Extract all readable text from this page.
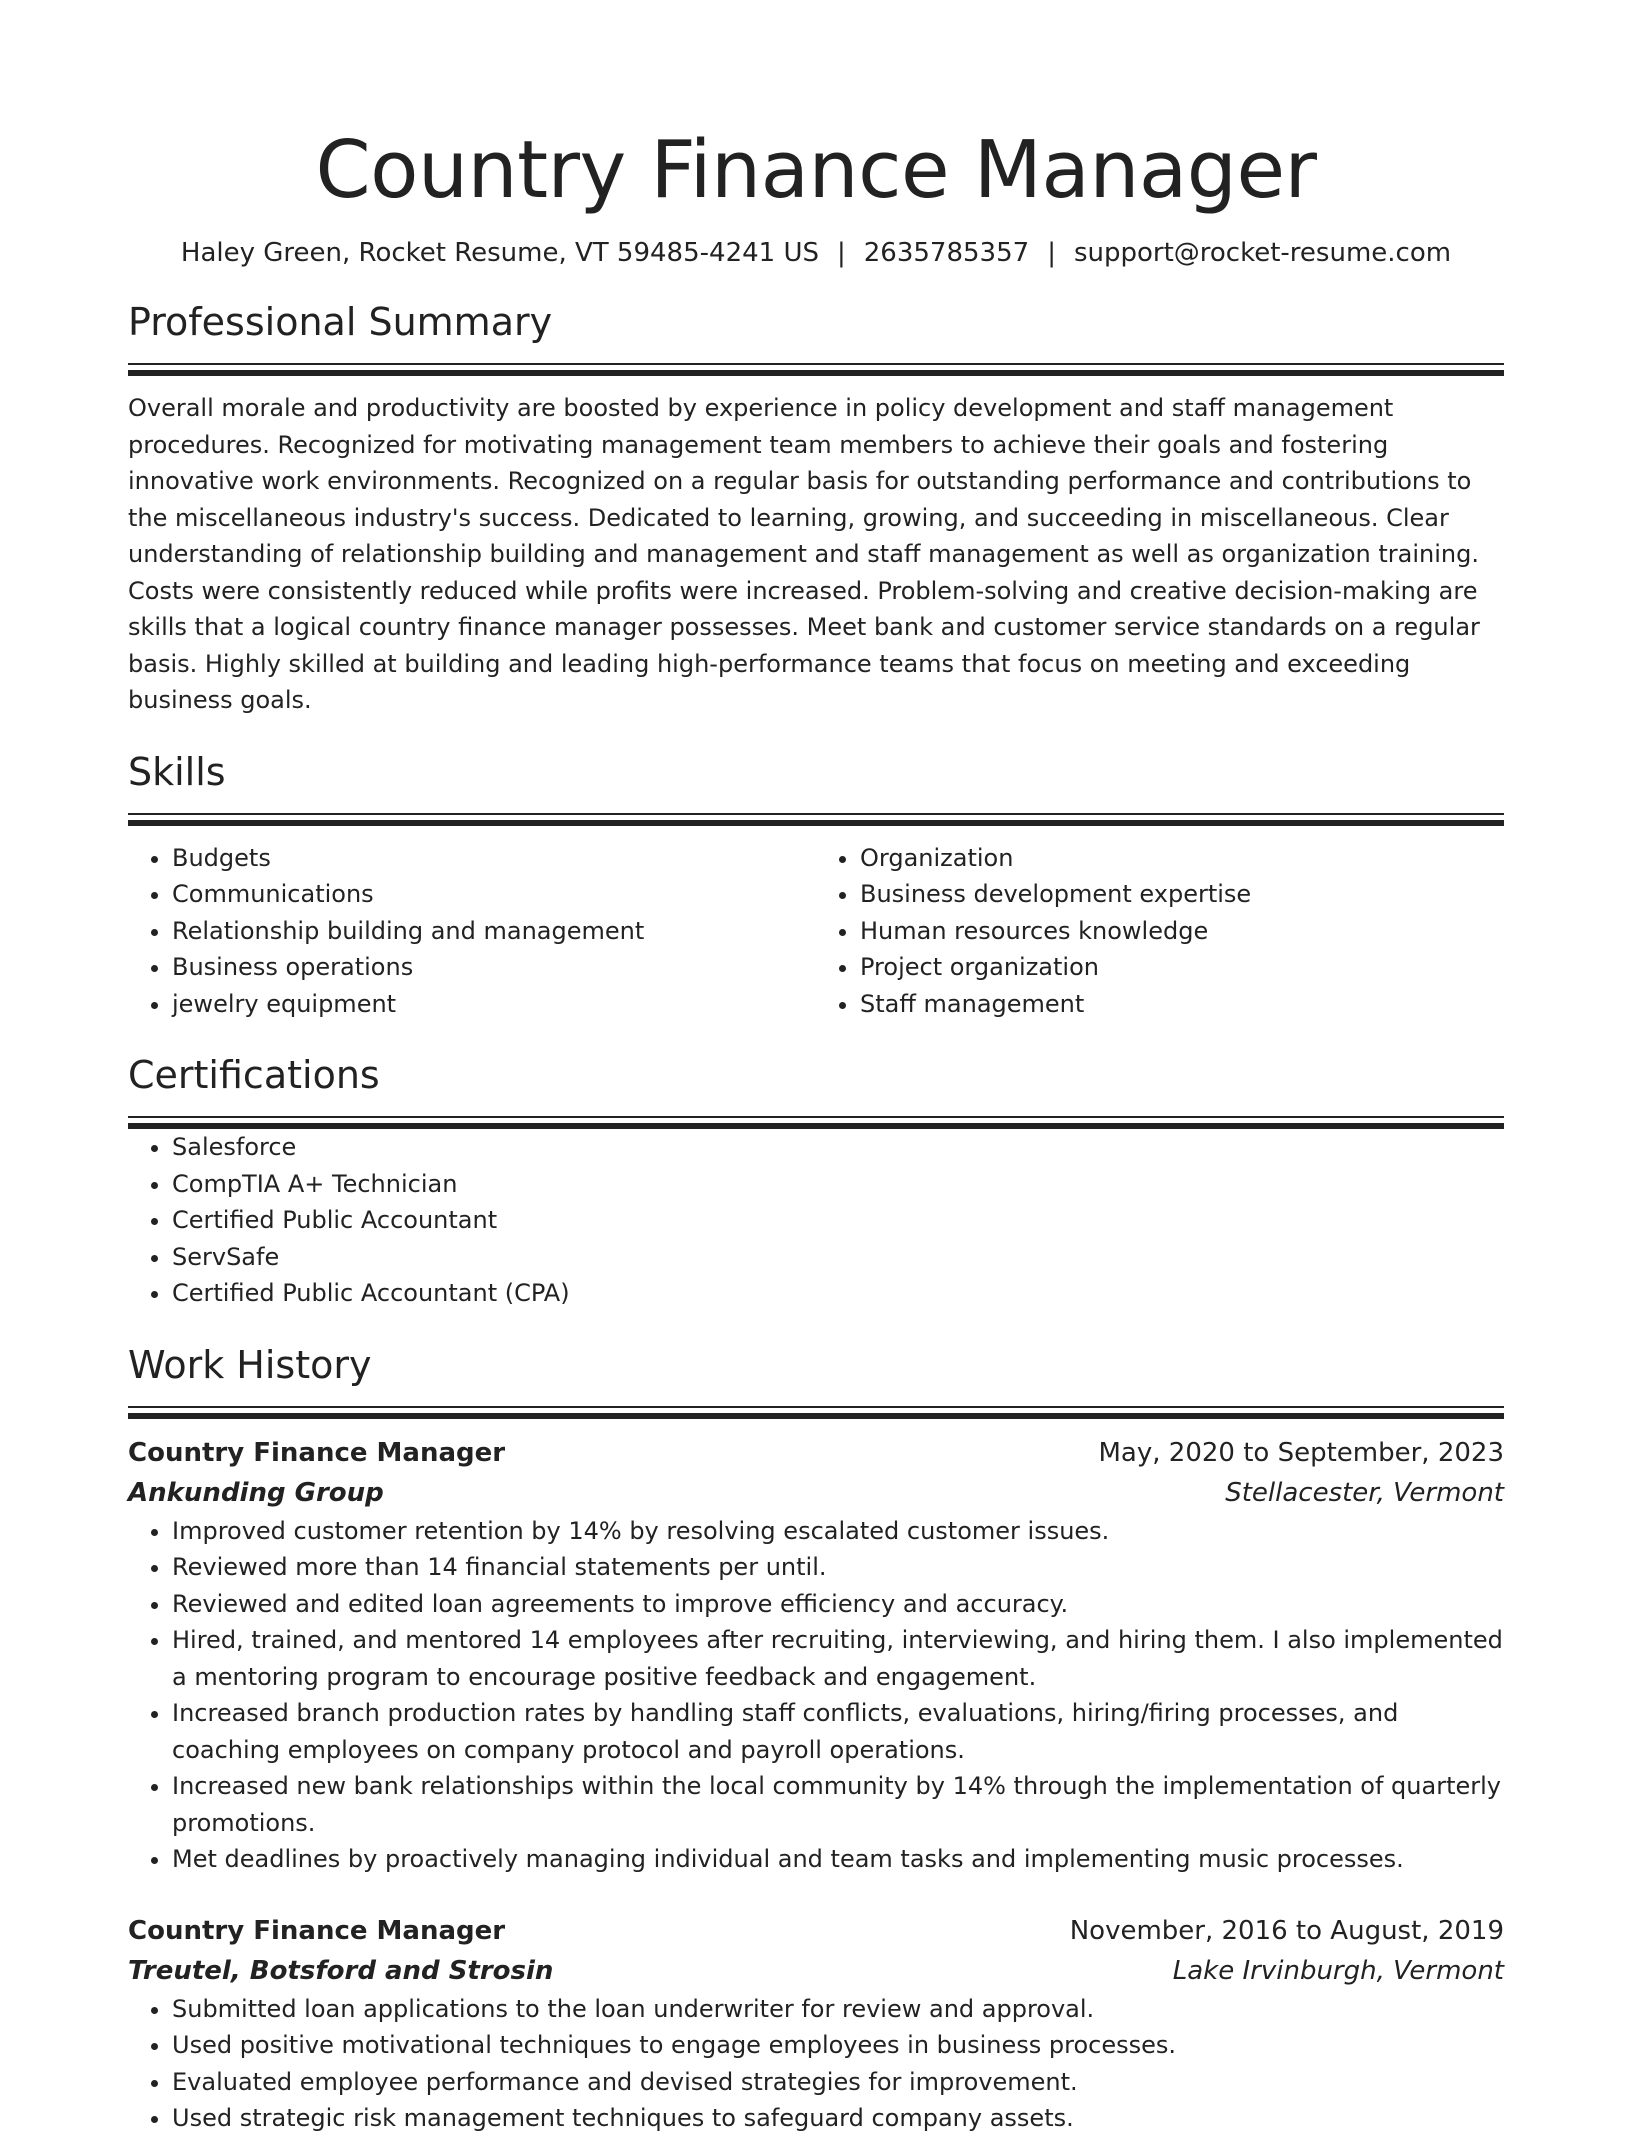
Country Finance Manager
Haley Green, Rocket Resume, VT 59485-4241 US | 2635785357 | support@rocket-resume.com
Professional Summary

Overall morale and productivity are boosted by experience in policy development and staff management procedures. Recognized for motivating management team members to achieve their goals and fostering innovative work environments. Recognized on a regular basis for outstanding performance and contributions to the miscellaneous industry's success. Dedicated to learning, growing, and succeeding in miscellaneous. Clear understanding of relationship building and management and staff management as well as organization training. Costs were consistently reduced while profits were increased. Problem-solving and creative decision-making are skills that a logical country finance manager possesses. Meet bank and customer service standards on a regular basis. Highly skilled at building and leading high-performance teams that focus on meeting and exceeding business goals.

Skills
• Budgets
• Communications
• Relationship building and management
• Business operations
• jewelry equipment
• Organization
• Business development expertise
• Human resources knowledge
• Project organization
• Staff management
Certifications
• Salesforce
• CompTIA A+ Technician
• Certified Public Accountant
• ServSafe
• Certified Public Accountant (CPA)
Work History
Country Finance Manager	May, 2020 to September, 2023
Ankunding Group	Stellacester, Vermont
• Improved customer retention by 14% by resolving escalated customer issues.
• Reviewed more than 14 financial statements per until.
• Reviewed and edited loan agreements to improve efficiency and accuracy.
• Hired, trained, and mentored 14 employees after recruiting, interviewing, and hiring them. I also implemented a mentoring program to encourage positive feedback and engagement.
• Increased branch production rates by handling staff conflicts, evaluations, hiring/firing processes, and coaching employees on company protocol and payroll operations.
• Increased new bank relationships within the local community by 14% through the implementation of quarterly promotions.
• Met deadlines by proactively managing individual and team tasks and implementing music processes.
Country Finance Manager	November, 2016 to August, 2019
Treutel, Botsford and Strosin	Lake Irvinburgh, Vermont
• Submitted loan applications to the loan underwriter for review and approval.
• Used positive motivational techniques to engage employees in business processes.
• Evaluated employee performance and devised strategies for improvement.
• Used strategic risk management techniques to safeguard company assets.
